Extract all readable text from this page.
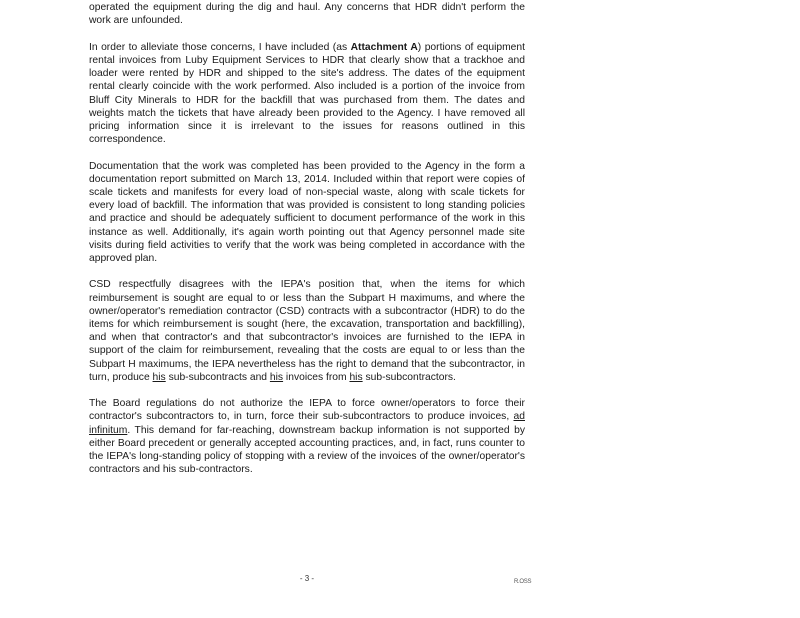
operated the equipment during the dig and haul. Any concerns that HDR didn't perform the work are unfounded.

In order to alleviate those concerns, I have included (as Attachment A) portions of equipment rental invoices from Luby Equipment Services to HDR that clearly show that a trackhoe and loader were rented by HDR and shipped to the site's address. The dates of the equipment rental clearly coincide with the work performed. Also included is a portion of the invoice from Bluff City Minerals to HDR for the backfill that was purchased from them. The dates and weights match the tickets that have already been provided to the Agency. I have removed all pricing information since it is irrelevant to the issues for reasons outlined in this correspondence.

Documentation that the work was completed has been provided to the Agency in the form a documentation report submitted on March 13, 2014. Included within that report were copies of scale tickets and manifests for every load of non-special waste, along with scale tickets for every load of backfill. The information that was provided is consistent to long standing policies and practice and should be adequately sufficient to document performance of the work in this instance as well. Additionally, it's again worth pointing out that Agency personnel made site visits during field activities to verify that the work was being completed in accordance with the approved plan.

CSD respectfully disagrees with the IEPA's position that, when the items for which reimbursement is sought are equal to or less than the Subpart H maximums, and where the owner/operator's remediation contractor (CSD) contracts with a subcontractor (HDR) to do the items for which reimbursement is sought (here, the excavation, transportation and backfilling), and when that contractor's and that subcontractor's invoices are furnished to the IEPA in support of the claim for reimbursement, revealing that the costs are equal to or less than the Subpart H maximums, the IEPA nevertheless has the right to demand that the subcontractor, in turn, produce his sub-subcontracts and his invoices from his sub-subcontractors.

The Board regulations do not authorize the IEPA to force owner/operators to force their contractor's subcontractors to, in turn, force their sub-subcontractors to produce invoices, ad infinitum. This demand for far-reaching, downstream backup information is not supported by either Board precedent or generally accepted accounting practices, and, in fact, runs counter to the IEPA's long-standing policy of stopping with a review of the invoices of the owner/operator's contractors and his sub-contractors.

- 3 -	R.OSS
